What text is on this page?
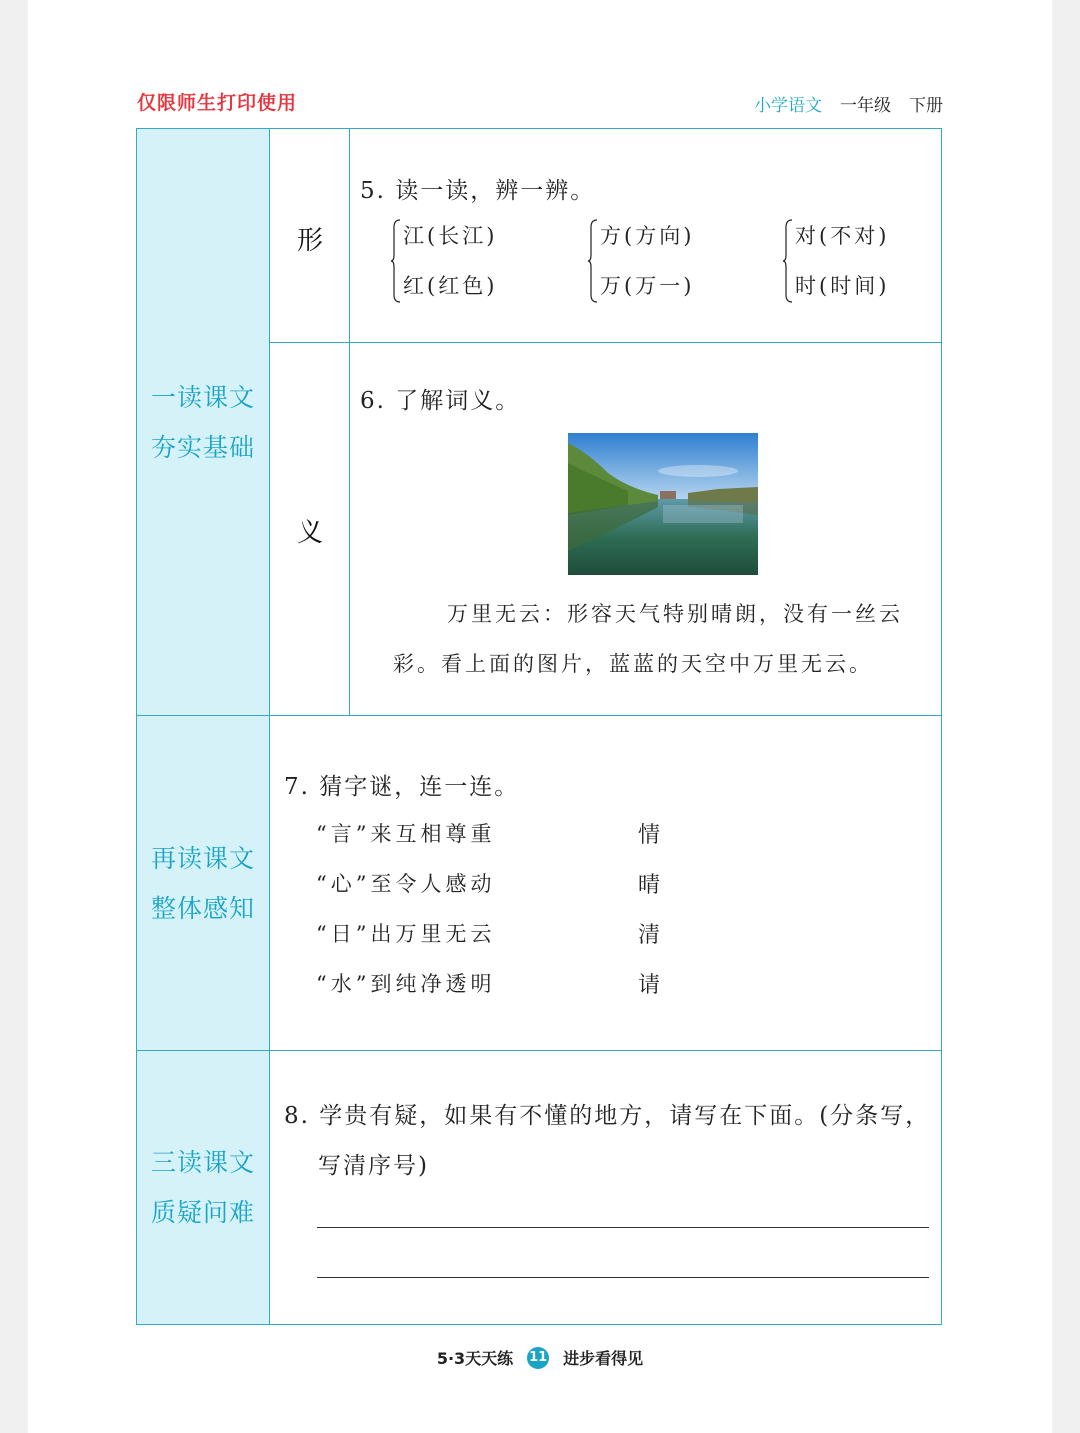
仅限师生打印使用	小学语文 一年级 下册
一读课文
夯实基础
再读课文
整体感知
三读课文
质疑问难
形
5. 读一读，辨一辨。
江(长江)
红(红色)
方(方向)
万(万一)
对(不对)
时(时间)
义
6. 了解词义。
万里无云：形容天气特别晴朗，没有一丝云
彩。看上面的图片，蓝蓝的天空中万里无云。
7. 猜字谜，连一连。
“言”来互相尊重
“心”至令人感动
“日”出万里无云
“水”到纯净透明
情
晴
清
请
8. 学贵有疑，如果有不懂的地方，请写在下面。(分条写，
写清序号)
5·3天天练 11 进步看得见
